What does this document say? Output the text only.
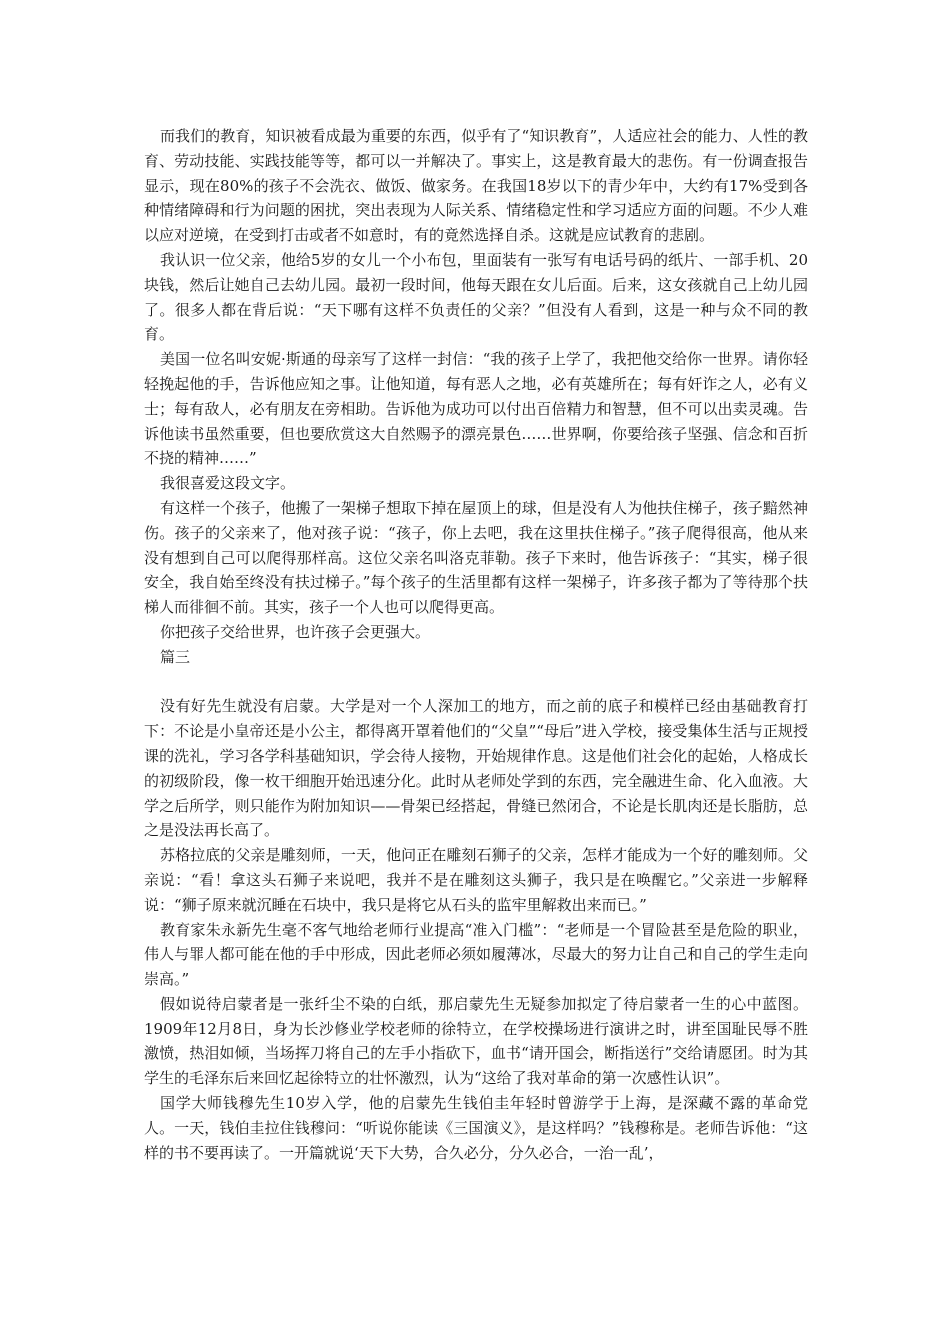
而我们的教育，知识被看成最为重要的东西，似乎有了“知识教育”，人适应社会的能力、人性的教育、劳动技能、实践技能等等，都可以一并解决了。事实上，这是教育最大的悲伤。有一份调查报告显示，现在80%的孩子不会洗衣、做饭、做家务。在我国18岁以下的青少年中，大约有17%受到各种情绪障碍和行为问题的困扰，突出表现为人际关系、情绪稳定性和学习适应方面的问题。不少人难以应对逆境，在受到打击或者不如意时，有的竟然选择自杀。这就是应试教育的悲剧。

我认识一位父亲，他给5岁的女儿一个小布包，里面装有一张写有电话号码的纸片、一部手机、20块钱，然后让她自己去幼儿园。最初一段时间，他每天跟在女儿后面。后来，这女孩就自己上幼儿园了。很多人都在背后说：“天下哪有这样不负责任的父亲？”但没有人看到，这是一种与众不同的教育。

美国一位名叫安妮·斯通的母亲写了这样一封信：“我的孩子上学了，我把他交给你一世界。请你轻轻挽起他的手，告诉他应知之事。让他知道，每有恶人之地，必有英雄所在；每有奸诈之人，必有义士；每有敌人，必有朋友在旁相助。告诉他为成功可以付出百倍精力和智慧，但不可以出卖灵魂。告诉他读书虽然重要，但也要欣赏这大自然赐予的漂亮景色……世界啊，你要给孩子坚强、信念和百折不挠的精神……”

我很喜爱这段文字。

有这样一个孩子，他搬了一架梯子想取下掉在屋顶上的球，但是没有人为他扶住梯子，孩子黯然神伤。孩子的父亲来了，他对孩子说：“孩子，你上去吧，我在这里扶住梯子。”孩子爬得很高，他从来没有想到自己可以爬得那样高。这位父亲名叫洛克菲勒。孩子下来时，他告诉孩子：“其实，梯子很安全，我自始至终没有扶过梯子。”每个孩子的生活里都有这样一架梯子，许多孩子都为了等待那个扶梯人而徘徊不前。其实，孩子一个人也可以爬得更高。

你把孩子交给世界，也许孩子会更强大。

篇三

没有好先生就没有启蒙。大学是对一个人深加工的地方，而之前的底子和模样已经由基础教育打下：不论是小皇帝还是小公主，都得离开罩着他们的“父皇”“母后”进入学校，接受集体生活与正规授课的洗礼，学习各学科基础知识，学会待人接物，开始规律作息。这是他们社会化的起始，人格成长的初级阶段，像一枚干细胞开始迅速分化。此时从老师处学到的东西，完全融进生命、化入血液。大学之后所学，则只能作为附加知识——骨架已经搭起，骨缝已然闭合，不论是长肌肉还是长脂肪，总之是没法再长高了。

苏格拉底的父亲是雕刻师，一天，他问正在雕刻石狮子的父亲，怎样才能成为一个好的雕刻师。父亲说：“看！拿这头石狮子来说吧，我并不是在雕刻这头狮子，我只是在唤醒它。”父亲进一步解释说：“狮子原来就沉睡在石块中，我只是将它从石头的监牢里解救出来而已。”

教育家朱永新先生毫不客气地给老师行业提高“准入门槛”：“老师是一个冒险甚至是危险的职业，伟人与罪人都可能在他的手中形成，因此老师必须如履薄冰，尽最大的努力让自己和自己的学生走向崇高。”

假如说待启蒙者是一张纤尘不染的白纸，那启蒙先生无疑参加拟定了待启蒙者一生的心中蓝图。1909年12月8日，身为长沙修业学校老师的徐特立，在学校操场进行演讲之时，讲至国耻民辱不胜激愤，热泪如倾，当场挥刀将自己的左手小指砍下，血书“请开国会，断指送行”交给请愿团。时为其学生的毛泽东后来回忆起徐特立的壮怀激烈，认为“这给了我对革命的第一次感性认识”。

国学大师钱穆先生10岁入学，他的启蒙先生钱伯圭年轻时曾游学于上海，是深藏不露的革命党人。一天，钱伯圭拉住钱穆问：“听说你能读《三国演义》，是这样吗？”钱穆称是。老师告诉他：“这样的书不要再读了。一开篇就说‘天下大势，合久必分，分久必合，一治一乱’，
